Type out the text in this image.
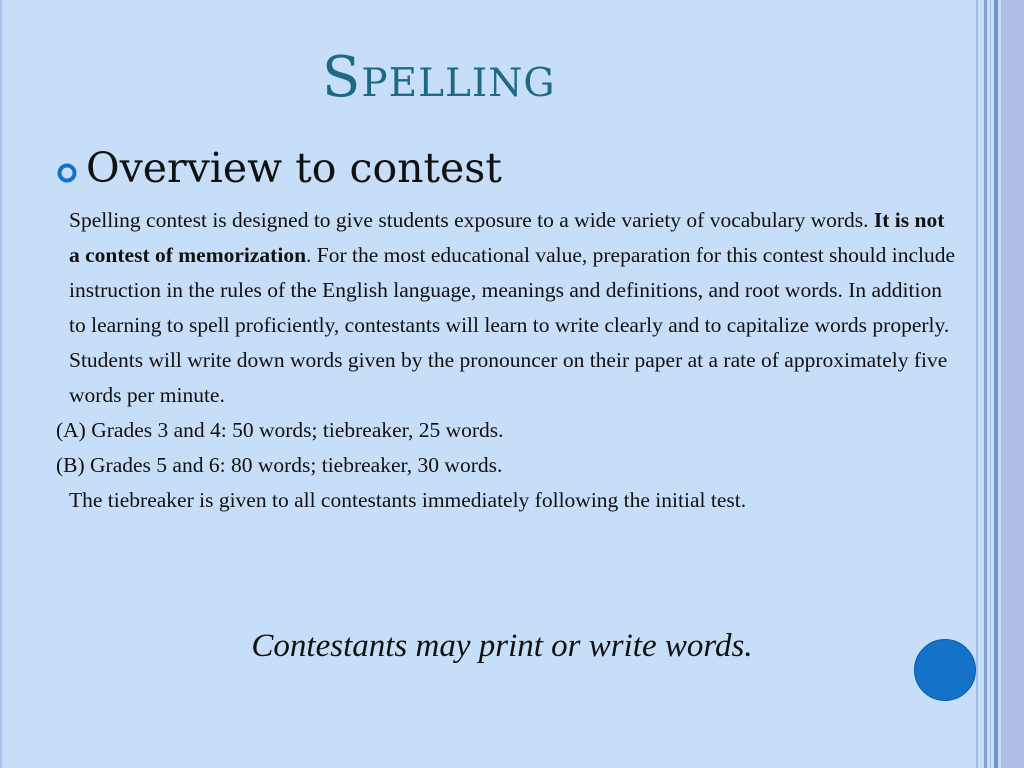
Spelling
Overview to contest

Spelling contest is designed to give students exposure to a wide variety of vocabulary words. It is not a contest of memorization. For the most educational value, preparation for this contest should include instruction in the rules of the English language, meanings and definitions, and root words. In addition to learning to spell proficiently, contestants will learn to write clearly and to capitalize words properly.

Students will write down words given by the pronouncer on their paper at a rate of approximately five words per minute.

(A) Grades 3 and 4: 50 words; tiebreaker, 25 words.

(B) Grades 5 and 6: 80 words; tiebreaker, 30 words.

The tiebreaker is given to all contestants immediately following the initial test.

Contestants may print or write words.
